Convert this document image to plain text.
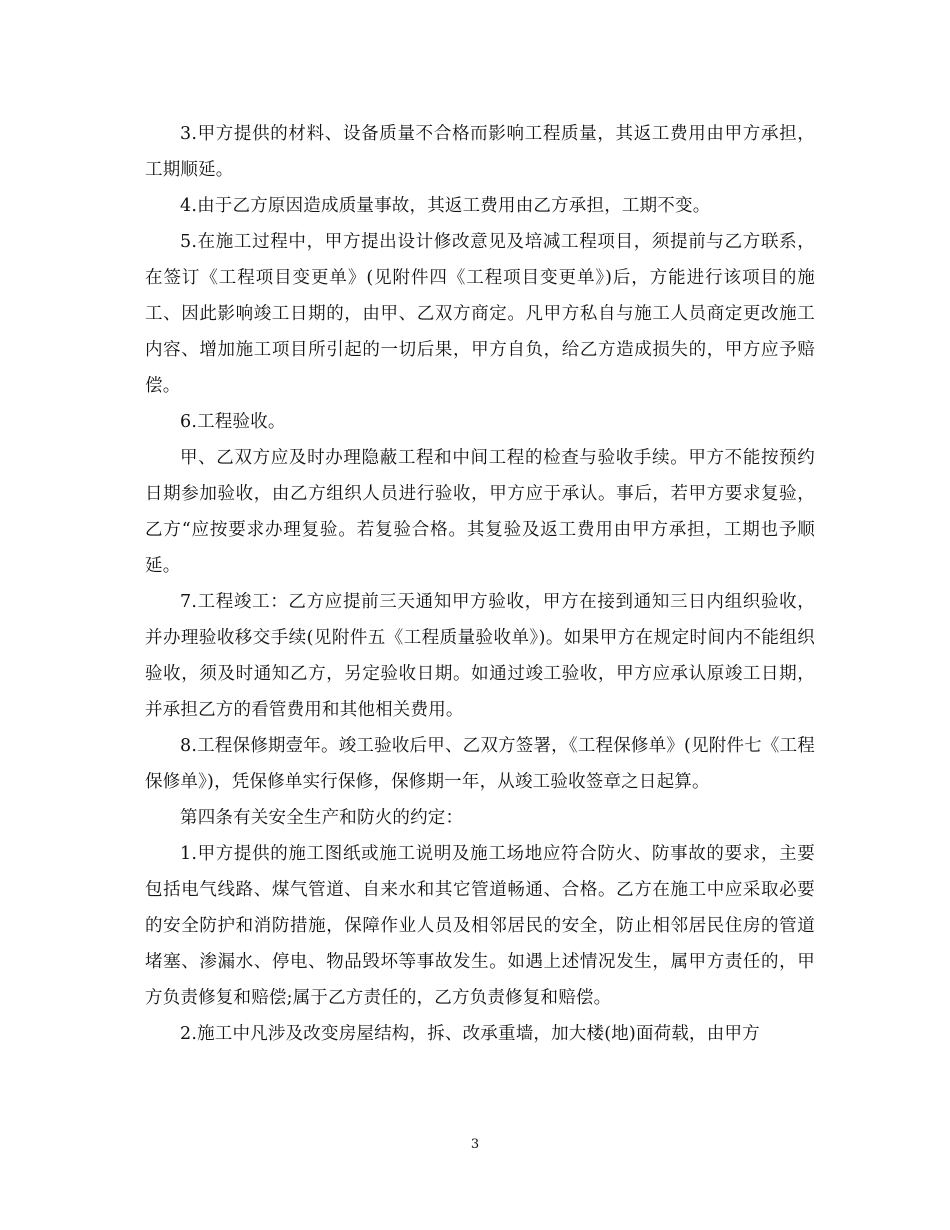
3.甲方提供的材料、设备质量不合格而影响工程质量，其返工费用由甲方承担，工期顺延。

4.由于乙方原因造成质量事故，其返工费用由乙方承担，工期不变。

5.在施工过程中，甲方提出设计修改意见及培减工程项目，须提前与乙方联系，在签订《工程项目变更单》(见附件四《工程项目变更单》)后，方能进行该项目的施工、因此影响竣工日期的，由甲、乙双方商定。凡甲方私自与施工人员商定更改施工内容、增加施工项目所引起的一切后果，甲方自负，给乙方造成损失的，甲方应予赔偿。

6.工程验收。

甲、乙双方应及时办理隐蔽工程和中间工程的检查与验收手续。甲方不能按预约日期参加验收，由乙方组织人员进行验收，甲方应于承认。事后，若甲方要求复验，乙方“应按要求办理复验。若复验合格。其复验及返工费用由甲方承担，工期也予顺延。

7.工程竣工：乙方应提前三天通知甲方验收，甲方在接到通知三日内组织验收，并办理验收移交手续(见附件五《工程质量验收单》)。如果甲方在规定时间内不能组织验收，须及时通知乙方，另定验收日期。如通过竣工验收，甲方应承认原竣工日期，并承担乙方的看管费用和其他相关费用。

8.工程保修期壹年。竣工验收后甲、乙双方签署，《工程保修单》(见附件七《工程保修单》)，凭保修单实行保修，保修期一年，从竣工验收签章之日起算。

第四条有关安全生产和防火的约定：

1.甲方提供的施工图纸或施工说明及施工场地应符合防火、防事故的要求，主要包括电气线路、煤气管道、自来水和其它管道畅通、合格。乙方在施工中应采取必要的安全防护和消防措施，保障作业人员及相邻居民的安全，防止相邻居民住房的管道堵塞、渗漏水、停电、物品毁坏等事故发生。如遇上述情况发生，属甲方责任的，甲方负责修复和赔偿;属于乙方责任的，乙方负责修复和赔偿。

2.施工中凡涉及改变房屋结构，拆、改承重墙，加大楼(地)面荷载，由甲方

3
